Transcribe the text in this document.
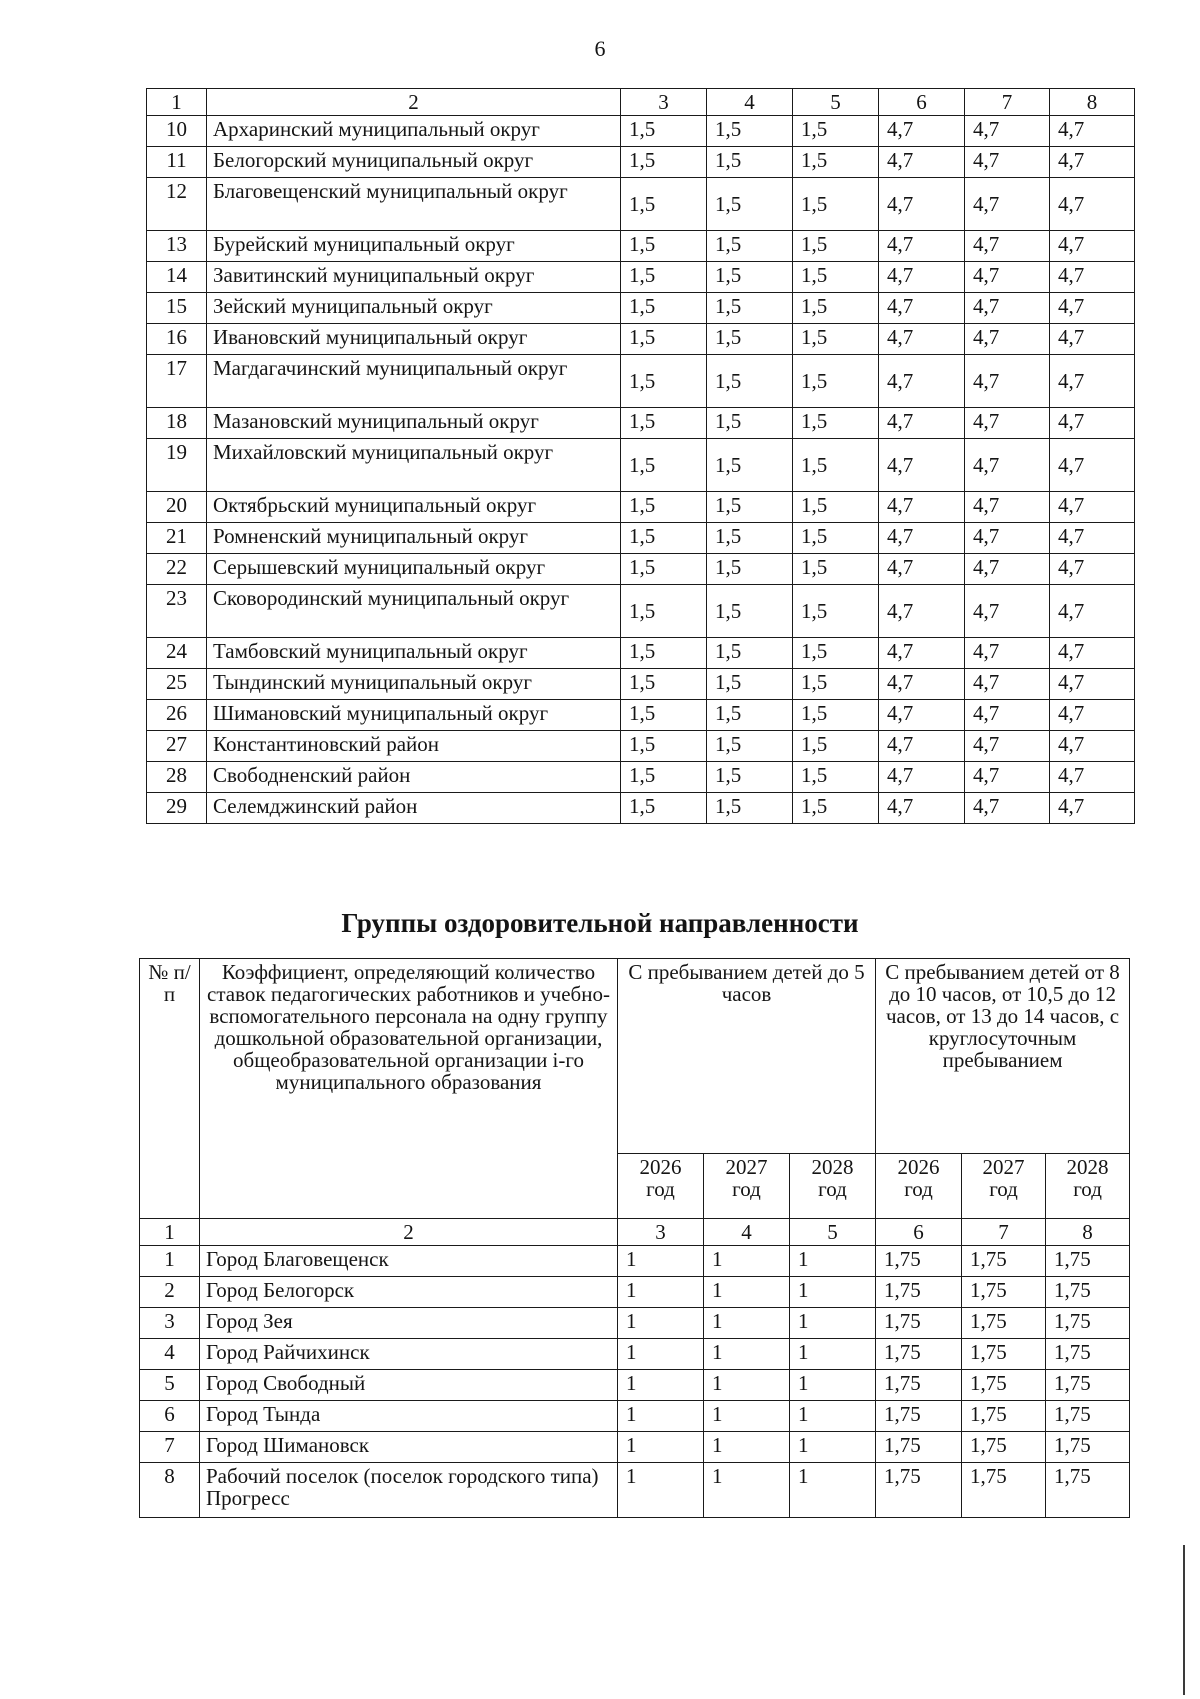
6
1	2	3	4	5	6	7	8
10	Архаринский муниципальный округ	1,5	1,5	1,5	4,7	4,7	4,7
11	Белогорский муниципальный округ	1,5	1,5	1,5	4,7	4,7	4,7
12	Благовещенский муниципальный округ	1,5	1,5	1,5	4,7	4,7	4,7
13	Бурейский муниципальный округ	1,5	1,5	1,5	4,7	4,7	4,7
14	Завитинский муниципальный округ	1,5	1,5	1,5	4,7	4,7	4,7
15	Зейский муниципальный округ	1,5	1,5	1,5	4,7	4,7	4,7
16	Ивановский муниципальный округ	1,5	1,5	1,5	4,7	4,7	4,7
17	Магдагачинский муниципальный округ	1,5	1,5	1,5	4,7	4,7	4,7
18	Мазановский муниципальный округ	1,5	1,5	1,5	4,7	4,7	4,7
19	Михайловский муниципальный округ	1,5	1,5	1,5	4,7	4,7	4,7
20	Октябрьский муниципальный округ	1,5	1,5	1,5	4,7	4,7	4,7
21	Ромненский муниципальный округ	1,5	1,5	1,5	4,7	4,7	4,7
22	Серышевский муниципальный округ	1,5	1,5	1,5	4,7	4,7	4,7
23	Сковородинский муниципальный округ	1,5	1,5	1,5	4,7	4,7	4,7
24	Тамбовский муниципальный округ	1,5	1,5	1,5	4,7	4,7	4,7
25	Тындинский муниципальный округ	1,5	1,5	1,5	4,7	4,7	4,7
26	Шимановский муниципальный округ	1,5	1,5	1,5	4,7	4,7	4,7
27	Константиновский район	1,5	1,5	1,5	4,7	4,7	4,7
28	Свободненский район	1,5	1,5	1,5	4,7	4,7	4,7
29	Селемджинский район	1,5	1,5	1,5	4,7	4,7	4,7
Группы оздоровительной направленности
№ п/п	Коэффициент, определяющий количество ставок педагогических работников и учебно-вспомогательного персонала на одну группу дошкольной образовательной организации, общеобразовательной организации i-го муниципального образования	С пребыванием детей до 5 часов			С пребыванием детей от 8 до 10 часов, от 10,5 до 12 часов, от 13 до 14 часов, с круглосуточным пребыванием		
		2026 год	2027 год	2028 год	2026 год	2027 год	2028 год
1	2	3	4	5	6	7	8
1	Город Благовещенск	1	1	1	1,75	1,75	1,75
2	Город Белогорск	1	1	1	1,75	1,75	1,75
3	Город Зея	1	1	1	1,75	1,75	1,75
4	Город Райчихинск	1	1	1	1,75	1,75	1,75
5	Город Свободный	1	1	1	1,75	1,75	1,75
6	Город Тында	1	1	1	1,75	1,75	1,75
7	Город Шимановск	1	1	1	1,75	1,75	1,75
8	Рабочий поселок (поселок городского типа) Прогресс	1	1	1	1,75	1,75	1,75
